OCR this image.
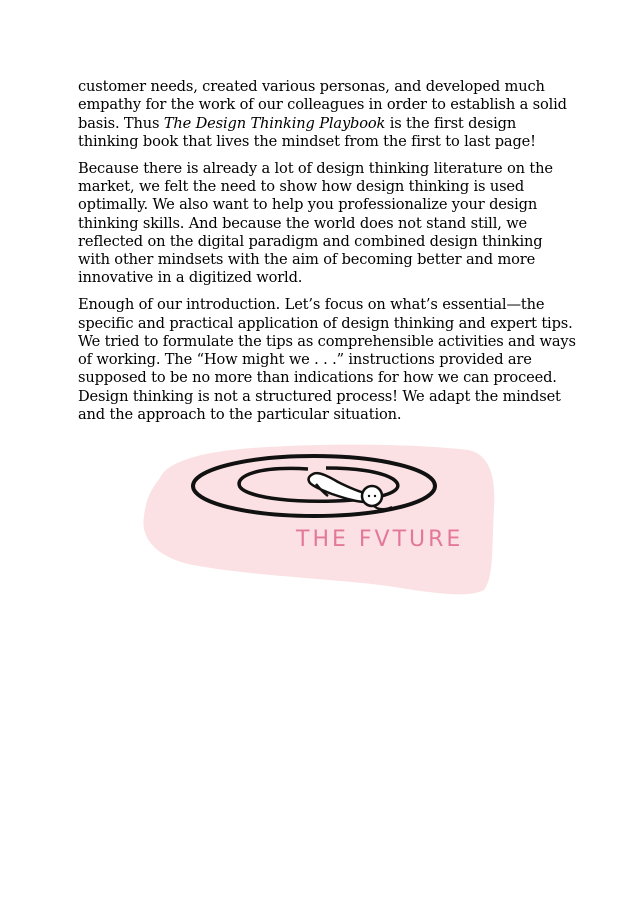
customer needs, created various personas, and developed much
empathy for the work of our colleagues in order to establish a solid
basis. Thus The Design Thinking Playbook is the first design
thinking book that lives the mindset from the first to last page!

Because there is already a lot of design thinking literature on the
market, we felt the need to show how design thinking is used
optimally. We also want to help you professionalize your design
thinking skills. And because the world does not stand still, we
reflected on the digital paradigm and combined design thinking
with other mindsets with the aim of becoming better and more
innovative in a digitized world.

Enough of our introduction. Let’s focus on what’s essential—the
specific and practical application of design thinking and expert tips.
We tried to formulate the tips as comprehensible activities and ways
of working. The “How might we . . .” instructions provided are
supposed to be no more than indications for how we can proceed.
Design thinking is not a structured process! We adapt the mindset
and the approach to the particular situation.

THE FVTURE
